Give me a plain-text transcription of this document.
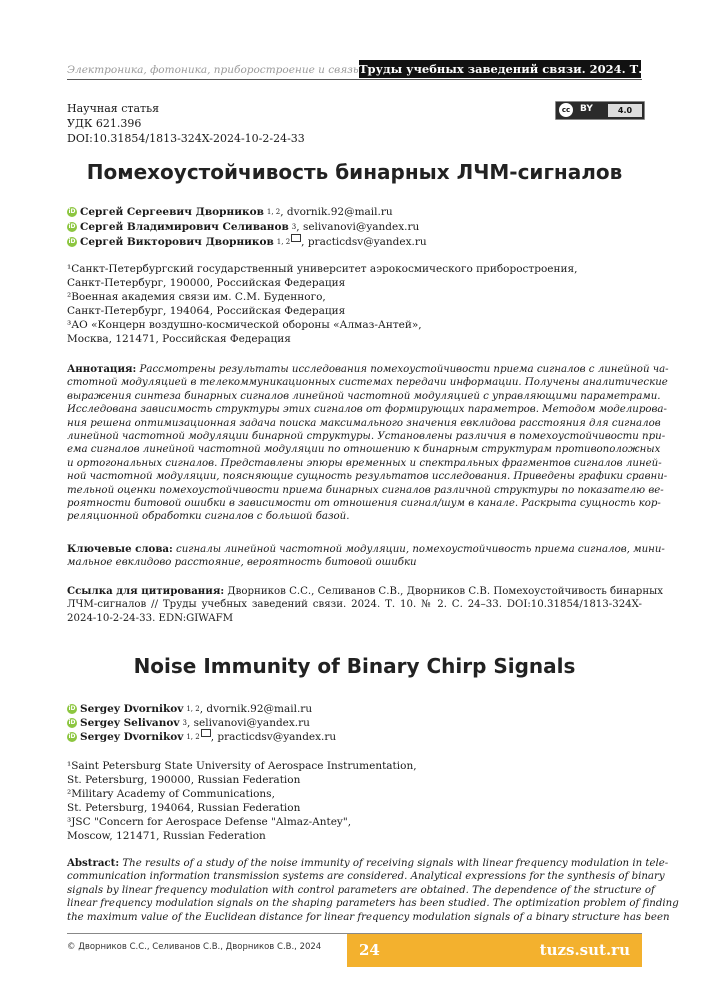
Электроника, фотоника, приборостроение и связь Труды учебных заведений связи. 2024. Т. 10. № 2
Научная статья
УДК 621.396
DOI:10.31854/1813-324X-2024-10-2-24-33
cc	BY	4.0
Помехоустойчивость бинарных ЛЧМ-сигналов
iD Сергей Сергеевич Дворников 1, 2 , dvornik.92@mail.ru
iD Сергей Владимирович Селиванов 3 , selivanovi@yandex.ru
iD Сергей Викторович Дворников 1, 2 , practicdsv@yandex.ru
¹Санкт-Петербургский государственный университет аэрокосмического приборостроения,
Санкт-Петербург, 190000, Российская Федерация
²Военная академия связи им. С.М. Буденного,
Санкт-Петербург, 194064, Российская Федерация
³АО «Концерн воздушно-космической обороны «Алмаз-Антей»,
Москва, 121471, Российская Федерация
Аннотация: Рассмотрены результаты исследования помехоустойчивости приема сигналов с линейной ча-
стотной модуляцией в телекоммуникационных системах передачи информации. Получены аналитические
выражения синтеза бинарных сигналов линейной частотной модуляцией с управляющими параметрами.
Исследована зависимость структуры этих сигналов от формирующих параметров. Методом моделирова-
ния решена оптимизационная задача поиска максимального значения евклидова расстояния для сигналов
линейной частотной модуляции бинарной структуры. Установлены различия в помехоустойчивости при-
ема сигналов линейной частотной модуляции по отношению к бинарным структурам противоположных
и ортогональных сигналов. Представлены эпюры временных и спектральных фрагментов сигналов линей-
ной частотной модуляции, поясняющие сущность результатов исследования. Приведены графики сравни-
тельной оценки помехоустойчивости приема бинарных сигналов различной структуры по показателю ве-
роятности битовой ошибки в зависимости от отношения сигнал/шум в канале. Раскрыта сущность кор-
реляционной обработки сигналов с большой базой.
Ключевые слова: сигналы линейной частотной модуляции, помехоустойчивость приема сигналов, мини-
мальное евклидово расстояние, вероятность битовой ошибки
Ссылка для цитирования: Дворников С.С., Селиванов С.В., Дворников С.В. Помехоустойчивость бинарных
ЛЧМ-сигналов // Труды учебных заведений связи. 2024. Т. 10. № 2. С. 24–33. DOI:10.31854/1813-324X-
2024-10-2-24-33. EDN:GIWAFM
Noise Immunity of Binary Chirp Signals
iD Sergey Dvornikov 1, 2 , dvornik.92@mail.ru
iD Sergey Selivanov 3 , selivanovi@yandex.ru
iD Sergey Dvornikov 1, 2 , practicdsv@yandex.ru
¹Saint Petersburg State University of Aerospace Instrumentation,
St. Petersburg, 190000, Russian Federation
²Military Academy of Communications,
St. Petersburg, 194064, Russian Federation
³JSC "Concern for Aerospace Defense "Almaz-Antey",
Moscow, 121471, Russian Federation
Abstract: The results of a study of the noise immunity of receiving signals with linear frequency modulation in tele-
communication information transmission systems are considered. Analytical expressions for the synthesis of binary
signals by linear frequency modulation with control parameters are obtained. The dependence of the structure of
linear frequency modulation signals on the shaping parameters has been studied. The optimization problem of finding
the maximum value of the Euclidean distance for linear frequency modulation signals of a binary structure has been
© Дворников С.С., Селиванов С.В., Дворников С.В., 2024	24	tuzs.sut.ru
